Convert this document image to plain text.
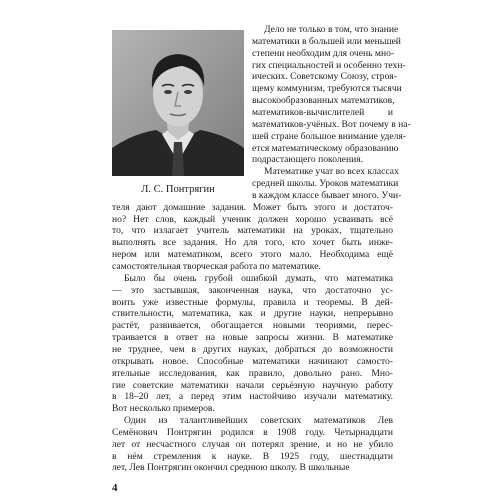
Л. С. Понтрягин
4
Дело не только в том, что знание
математики в большей или меньшей
степени необходим для очень мно-
гих специальностей и особенно техн-
ических. Советскому Союзу, строя-
щему коммунизм, требуются тысячи
высокообразованных математиков,
математиков-вычислителей и
математиков-учёных. Вот почему в на-
шей стране большое внимание уделя-
ется математическому образованию
подрастающего поколения.
Математике учат во всех классах
средней школы. Уроков математики
в каждом классе бывает много. Учи-
теля дают домашние задания. Может быть этого и достаточ-
но? Нет слов, каждый ученик должен хорошо усваивать всё
то, что излагает учитель математики на уроках, тщательно
выполнять все задания. Но для того, кто хочет быть инже-
нером или математиком, всего этого мало. Необходима ещё
самостоятельная творческая работа по математике.
Было бы очень грубой ошибкой думать, что математика
— это застывшая, законченная наука, что достаточно ус-
воить уже известные формулы, правила и теоремы. В дей-
ствительности, математика, как и другие науки, непрерывно
растёт, развивается, обогащается новыми теориями, перес-
траивается в ответ на новые запросы жизни. В математике
не труднее, чем в других науках, добраться до возможности
открывать новое. Способные математики начинают самосто-
ятельные исследования, как правило, довольно рано. Мно-
гие советские математики начали серьёзную научную работу
в 18–20 лет, а перед этим настойчиво изучали математику.
Вот несколько примеров.
Один из талантливейших советских математиков Лев
Семёнович Понтрягин родился в 1908 году. Четырнадцати
лет от несчастного случая он потерял зрение, и но не убило
в нём стремления к науке. В 1925 году, шестнадцати
лет, Лев Понтрягин окончил среднюю школу. В школьные
